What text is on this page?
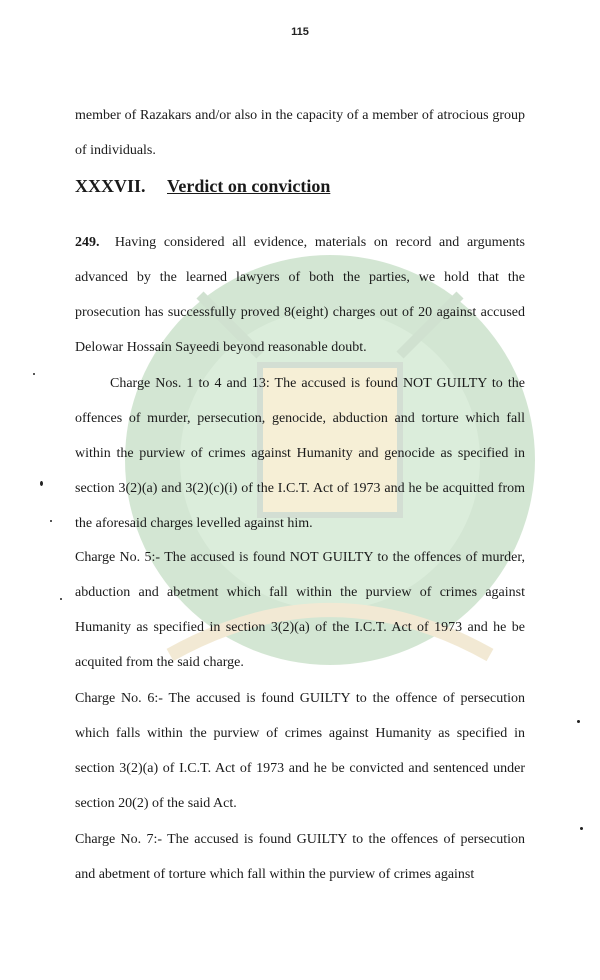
115
member of Razakars and/or also in the capacity of a member of atrocious group of individuals.
XXXVII. Verdict on conviction
249. Having considered all evidence, materials on record and arguments advanced by the learned lawyers of both the parties, we hold that the prosecution has successfully proved 8(eight) charges out of 20 against accused Delowar Hossain Sayeedi beyond reasonable doubt.
Charge Nos. 1 to 4 and 13: The accused is found NOT GUILTY to the offences of murder, persecution, genocide, abduction and torture which fall within the purview of crimes against Humanity and genocide as specified in section 3(2)(a) and 3(2)(c)(i) of the I.C.T. Act of 1973 and he be acquitted from the aforesaid charges levelled against him.
Charge No. 5:- The accused is found NOT GUILTY to the offences of murder, abduction and abetment which fall within the purview of crimes against Humanity as specified in section 3(2)(a) of the I.C.T. Act of 1973 and he be acquited from the said charge.
Charge No. 6:- The accused is found GUILTY to the offence of persecution which falls within the purview of crimes against Humanity as specified in section 3(2)(a) of I.C.T. Act of 1973 and he be convicted and sentenced under section 20(2) of the said Act.
Charge No. 7:- The accused is found GUILTY to the offences of persecution and abetment of torture which fall within the purview of crimes against
